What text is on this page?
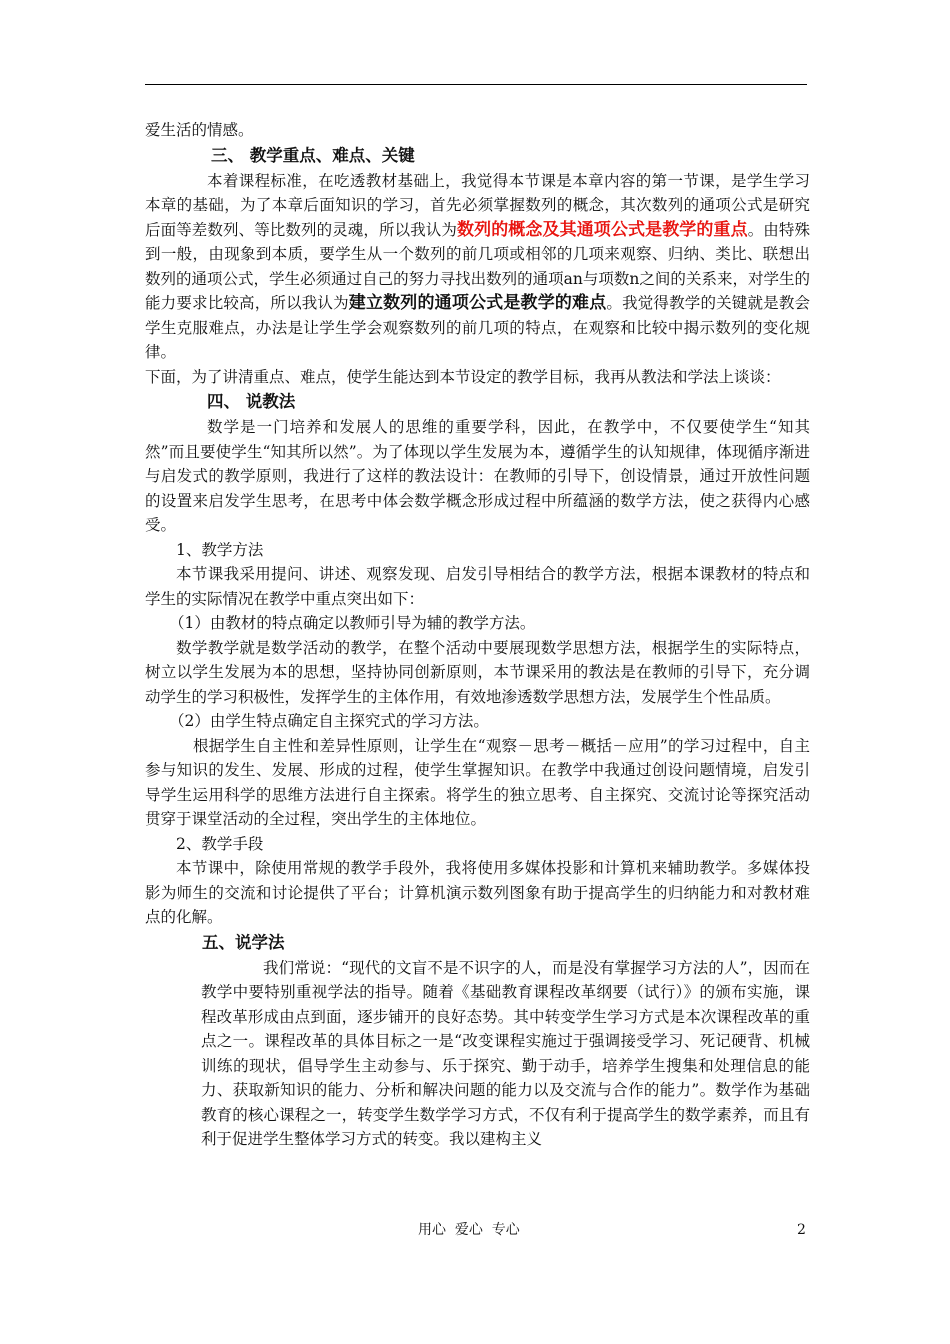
爱生活的情感。

三、 教学重点、难点、关键

本着课程标准，在吃透教材基础上，我觉得本节课是本章内容的第一节课，是学生学习本章的基础，为了本章后面知识的学习，首先必须掌握数列的概念，其次数列的通项公式是研究后面等差数列、等比数列的灵魂，所以我认为数列的概念及其通项公式是教学的重点。由特殊到一般，由现象到本质，要学生从一个数列的前几项或相邻的几项来观察、归纳、类比、联想出数列的通项公式，学生必须通过自己的努力寻找出数列的通项an与项数n之间的关系来，对学生的能力要求比较高，所以我认为建立数列的通项公式是教学的难点。我觉得教学的关键就是教会学生克服难点，办法是让学生学会观察数列的前几项的特点，在观察和比较中揭示数列的变化规律。

下面，为了讲清重点、难点，使学生能达到本节设定的教学目标，我再从教法和学法上谈谈：

四、 说教法

数学是一门培养和发展人的思维的重要学科，因此，在教学中，不仅要使学生“知其然”而且要使学生“知其所以然”。为了体现以学生发展为本，遵循学生的认知规律，体现循序渐进与启发式的教学原则，我进行了这样的教法设计：在教师的引导下，创设情景，通过开放性问题的设置来启发学生思考，在思考中体会数学概念形成过程中所蕴涵的数学方法，使之获得内心感受。

1、教学方法

本节课我采用提问、讲述、观察发现、启发引导相结合的教学方法，根据本课教材的特点和学生的实际情况在教学中重点突出如下：

（1）由教材的特点确定以教师引导为辅的教学方法。

数学教学就是数学活动的教学，在整个活动中要展现数学思想方法，根据学生的实际特点，树立以学生发展为本的思想，坚持协同创新原则，本节课采用的教法是在教师的引导下，充分调动学生的学习积极性，发挥学生的主体作用，有效地渗透数学思想方法，发展学生个性品质。

（2）由学生特点确定自主探究式的学习方法。

根据学生自主性和差异性原则，让学生在“观察－思考－概括－应用”的学习过程中，自主参与知识的发生、发展、形成的过程，使学生掌握知识。在教学中我通过创设问题情境，启发引导学生运用科学的思维方法进行自主探索。将学生的独立思考、自主探究、交流讨论等探究活动贯穿于课堂活动的全过程，突出学生的主体地位。

2、教学手段

本节课中，除使用常规的教学手段外，我将使用多媒体投影和计算机来辅助教学。多媒体投影为师生的交流和讨论提供了平台；计算机演示数列图象有助于提高学生的归纳能力和对教材难点的化解。

五、说学法

我们常说：“现代的文盲不是不识字的人，而是没有掌握学习方法的人”，因而在教学中要特别重视学法的指导。随着《基础教育课程改革纲要（试行）》的颁布实施，课程改革形成由点到面，逐步铺开的良好态势。其中转变学生学习方式是本次课程改革的重点之一。课程改革的具体目标之一是“改变课程实施过于强调接受学习、死记硬背、机械训练的现状，倡导学生主动参与、乐于探究、勤于动手，培养学生搜集和处理信息的能力、获取新知识的能力、分析和解决问题的能力以及交流与合作的能力”。数学作为基础教育的核心课程之一，转变学生数学学习方式，不仅有利于提高学生的数学素养，而且有利于促进学生整体学习方式的转变。我以建构主义

用心  爱心  专心	2
